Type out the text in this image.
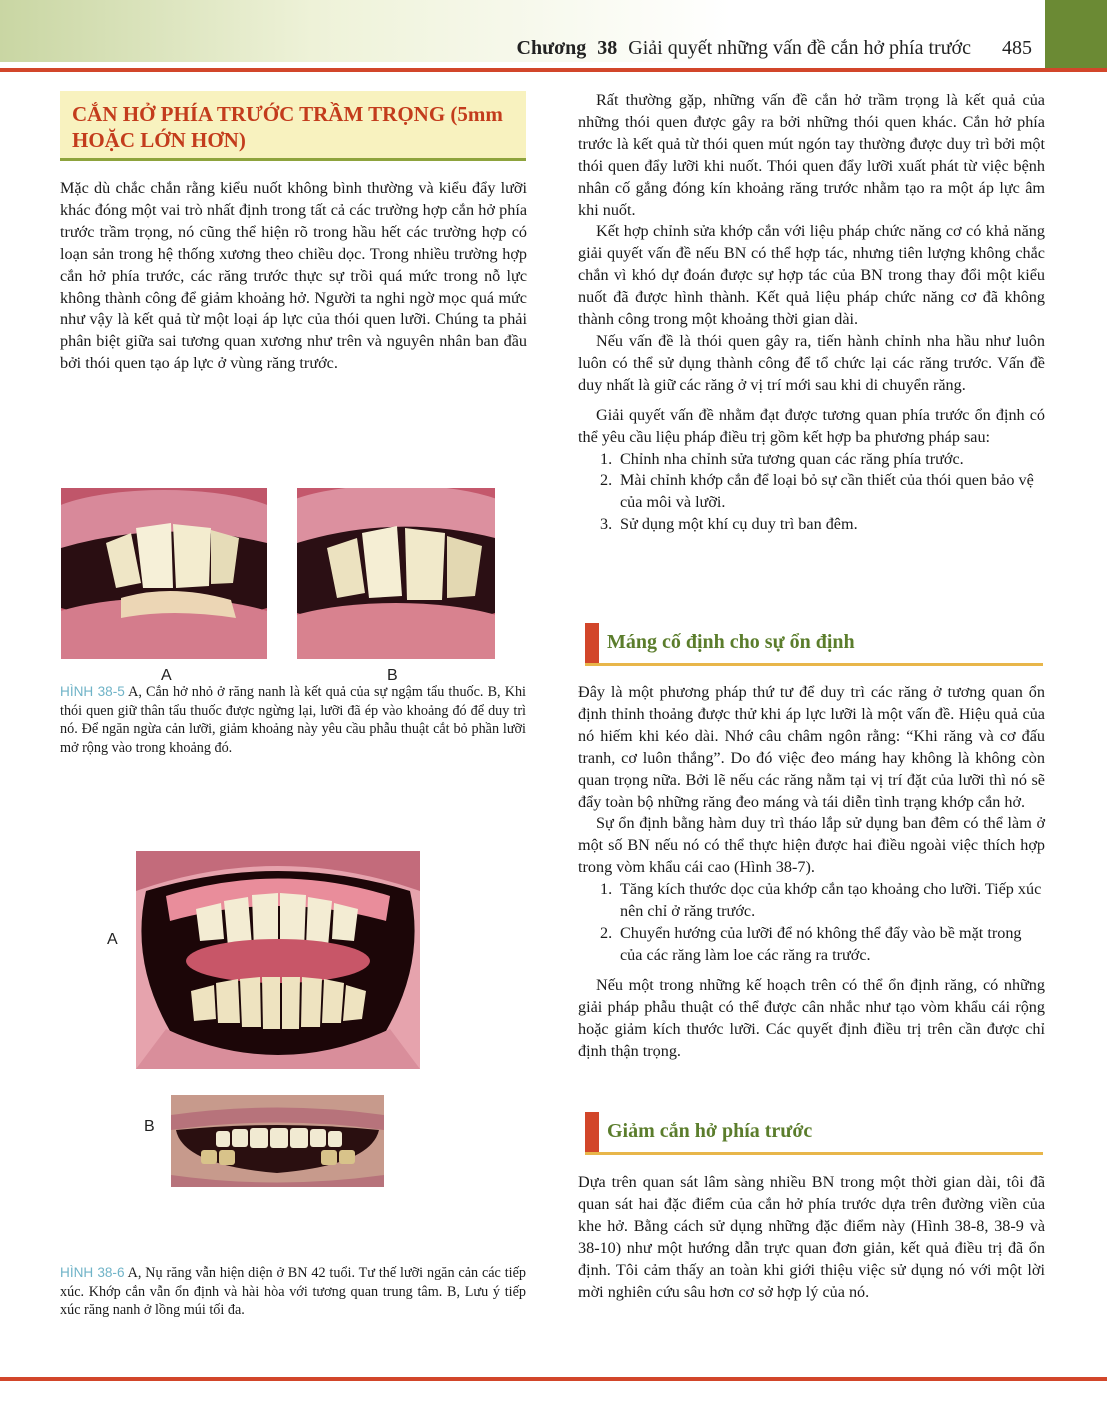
Chương 38 Giải quyết những vấn đề cắn hở phía trước 485
CẮN HỞ PHÍA TRƯỚC TRẦM TRỌNG (5mm HOẶC LỚN HƠN)

Mặc dù chắc chắn rằng kiểu nuốt không bình thường và kiểu đẩy lưỡi khác đóng một vai trò nhất định trong tất cả các trường hợp cắn hở phía trước trầm trọng, nó cũng thể hiện rõ trong hầu hết các trường hợp có loạn sản trong hệ thống xương theo chiều dọc. Trong nhiều trường hợp cắn hở phía trước, các răng trước thực sự trồi quá mức trong nỗ lực không thành công để giảm khoảng hở. Người ta nghi ngờ mọc quá mức như vậy là kết quả từ một loại áp lực của thói quen lưỡi. Chúng ta phải phân biệt giữa sai tương quan xương như trên và nguyên nhân ban đầu bởi thói quen tạo áp lực ở vùng răng trước.

A	B
HÌNH 38-5 A, Cắn hở nhỏ ở răng nanh là kết quả của sự ngậm tẩu thuốc. B, Khi thói quen giữ thân tẩu thuốc được ngừng lại, lưỡi đã ép vào khoảng đó để duy trì nó. Để ngăn ngừa cản lưỡi, giảm khoảng này yêu cầu phẫu thuật cắt bỏ phần lưỡi mở rộng vào trong khoảng đó.
A
B
HÌNH 38-6 A, Nụ răng vẫn hiện diện ở BN 42 tuổi. Tư thế lưỡi ngăn cản các tiếp xúc. Khớp cắn vẫn ổn định và hài hòa với tương quan trung tâm. B, Lưu ý tiếp xúc răng nanh ở lồng múi tối đa.

Rất thường gặp, những vấn đề cắn hở trầm trọng là kết quả của những thói quen được gây ra bởi những thói quen khác. Cắn hở phía trước là kết quả từ thói quen mút ngón tay thường được duy trì bởi một thói quen đẩy lưỡi khi nuốt. Thói quen đẩy lưỡi xuất phát từ việc bệnh nhân cố gắng đóng kín khoảng răng trước nhằm tạo ra một áp lực âm khi nuốt.

Kết hợp chỉnh sửa khớp cắn với liệu pháp chức năng cơ có khả năng giải quyết vấn đề nếu BN có thể hợp tác, nhưng tiên lượng không chắc chắn vì khó dự đoán được sự hợp tác của BN trong thay đổi một kiểu nuốt đã được hình thành. Kết quả liệu pháp chức năng cơ đã không thành công trong một khoảng thời gian dài.

Nếu vấn đề là thói quen gây ra, tiến hành chỉnh nha hầu như luôn luôn có thể sử dụng thành công để tổ chức lại các răng trước. Vấn đề duy nhất là giữ các răng ở vị trí mới sau khi di chuyển răng.

Giải quyết vấn đề nhằm đạt được tương quan phía trước ổn định có thể yêu cầu liệu pháp điều trị gồm kết hợp ba phương pháp sau:

1. Chỉnh nha chỉnh sửa tương quan các răng phía trước.
2. Mài chỉnh khớp cắn để loại bỏ sự cần thiết của thói quen bảo vệ của môi và lưỡi.
3. Sử dụng một khí cụ duy trì ban đêm.
Máng cố định cho sự ổn định

Đây là một phương pháp thứ tư để duy trì các răng ở tương quan ổn định thỉnh thoảng được thử khi áp lực lưỡi là một vấn đề. Hiệu quả của nó hiếm khi kéo dài. Nhớ câu châm ngôn rằng: “Khi răng và cơ đấu tranh, cơ luôn thắng”. Do đó việc đeo máng hay không là không còn quan trọng nữa. Bởi lẽ nếu các răng nằm tại vị trí đặt của lưỡi thì nó sẽ đẩy toàn bộ những răng đeo máng và tái diễn tình trạng khớp cắn hở.

Sự ổn định bằng hàm duy trì tháo lắp sử dụng ban đêm có thể làm ở một số BN nếu nó có thể thực hiện được hai điều ngoài việc thích hợp trong vòm khẩu cái cao (Hình 38-7).

1. Tăng kích thước dọc của khớp cắn tạo khoảng cho lưỡi. Tiếp xúc nên chỉ ở răng trước.
2. Chuyển hướng của lưỡi để nó không thể đẩy vào bề mặt trong của các răng làm loe các răng ra trước.

Nếu một trong những kế hoạch trên có thể ổn định răng, có những giải pháp phẫu thuật có thể được cân nhắc như tạo vòm khẩu cái rộng hoặc giảm kích thước lưỡi. Các quyết định điều trị trên cần được chỉ định thận trọng.

Giảm cắn hở phía trước

Dựa trên quan sát lâm sàng nhiều BN trong một thời gian dài, tôi đã quan sát hai đặc điểm của cắn hở phía trước dựa trên đường viền của khe hở. Bằng cách sử dụng những đặc điểm này (Hình 38-8, 38-9 và 38-10) như một hướng dẫn trực quan đơn giản, kết quả điều trị đã ổn định. Tôi cảm thấy an toàn khi giới thiệu việc sử dụng nó với một lời mời nghiên cứu sâu hơn cơ sở hợp lý của nó.
